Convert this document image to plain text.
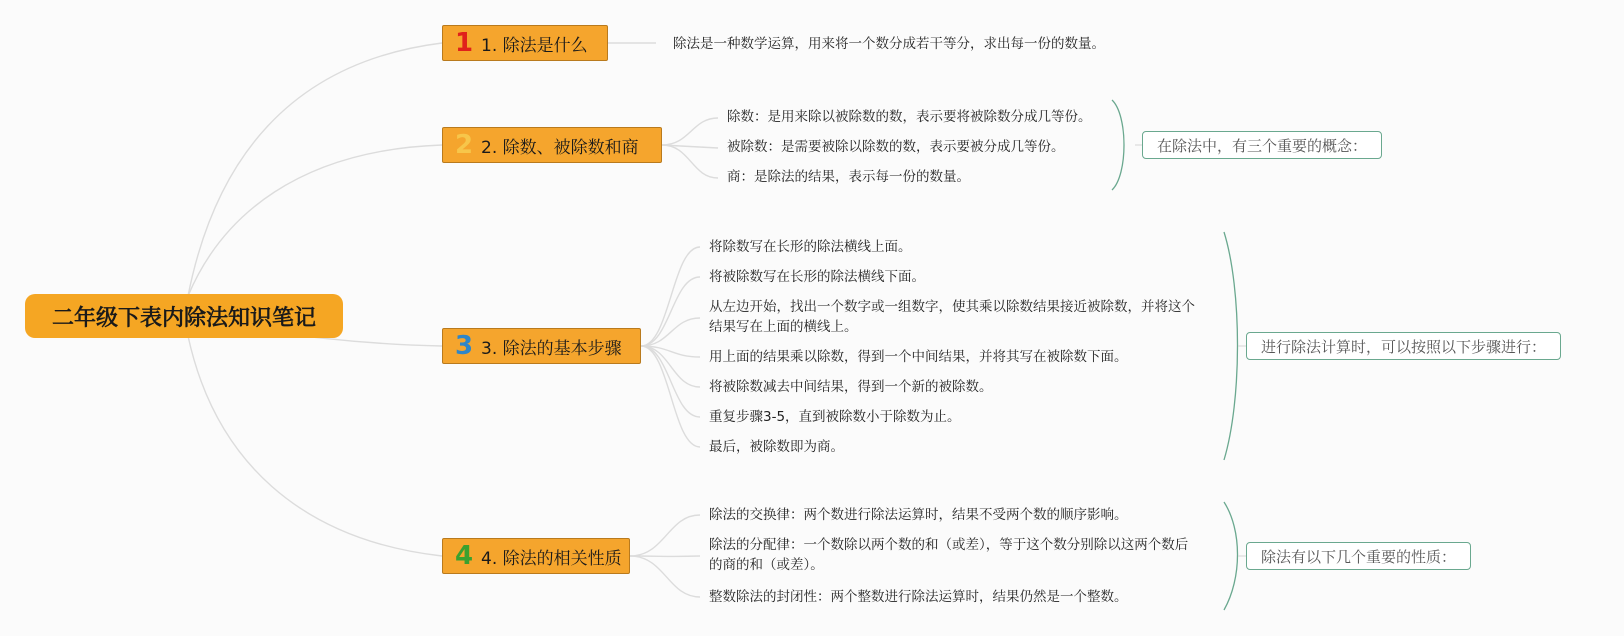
二年级下表内除法知识笔记
1 1. 除法是什么	除法是一种数学运算，用来将一个数分成若干等分，求出每一份的数量。
2 2. 除数、被除数和商
除数：是用来除以被除数的数，表示要将被除数分成几等份。
被除数：是需要被除以除数的数，表示要被分成几等份。
商：是除法的结果，表示每一份的数量。
在除法中，有三个重要的概念：
3 3. 除法的基本步骤
将除数写在长形的除法横线上面。
将被除数写在长形的除法横线下面。
从左边开始，找出一个数字或一组数字，使其乘以除数结果接近被除数，并将这个结果写在上面的横线上。
用上面的结果乘以除数，得到一个中间结果，并将其写在被除数下面。
将被除数减去中间结果，得到一个新的被除数。
重复步骤3-5，直到被除数小于除数为止。
最后，被除数即为商。
进行除法计算时，可以按照以下步骤进行：
4 4. 除法的相关性质
除法的交换律：两个数进行除法运算时，结果不受两个数的顺序影响。
除法的分配律：一个数除以两个数的和（或差），等于这个数分别除以这两个数后的商的和（或差）。
整数除法的封闭性：两个整数进行除法运算时，结果仍然是一个整数。
除法有以下几个重要的性质：
